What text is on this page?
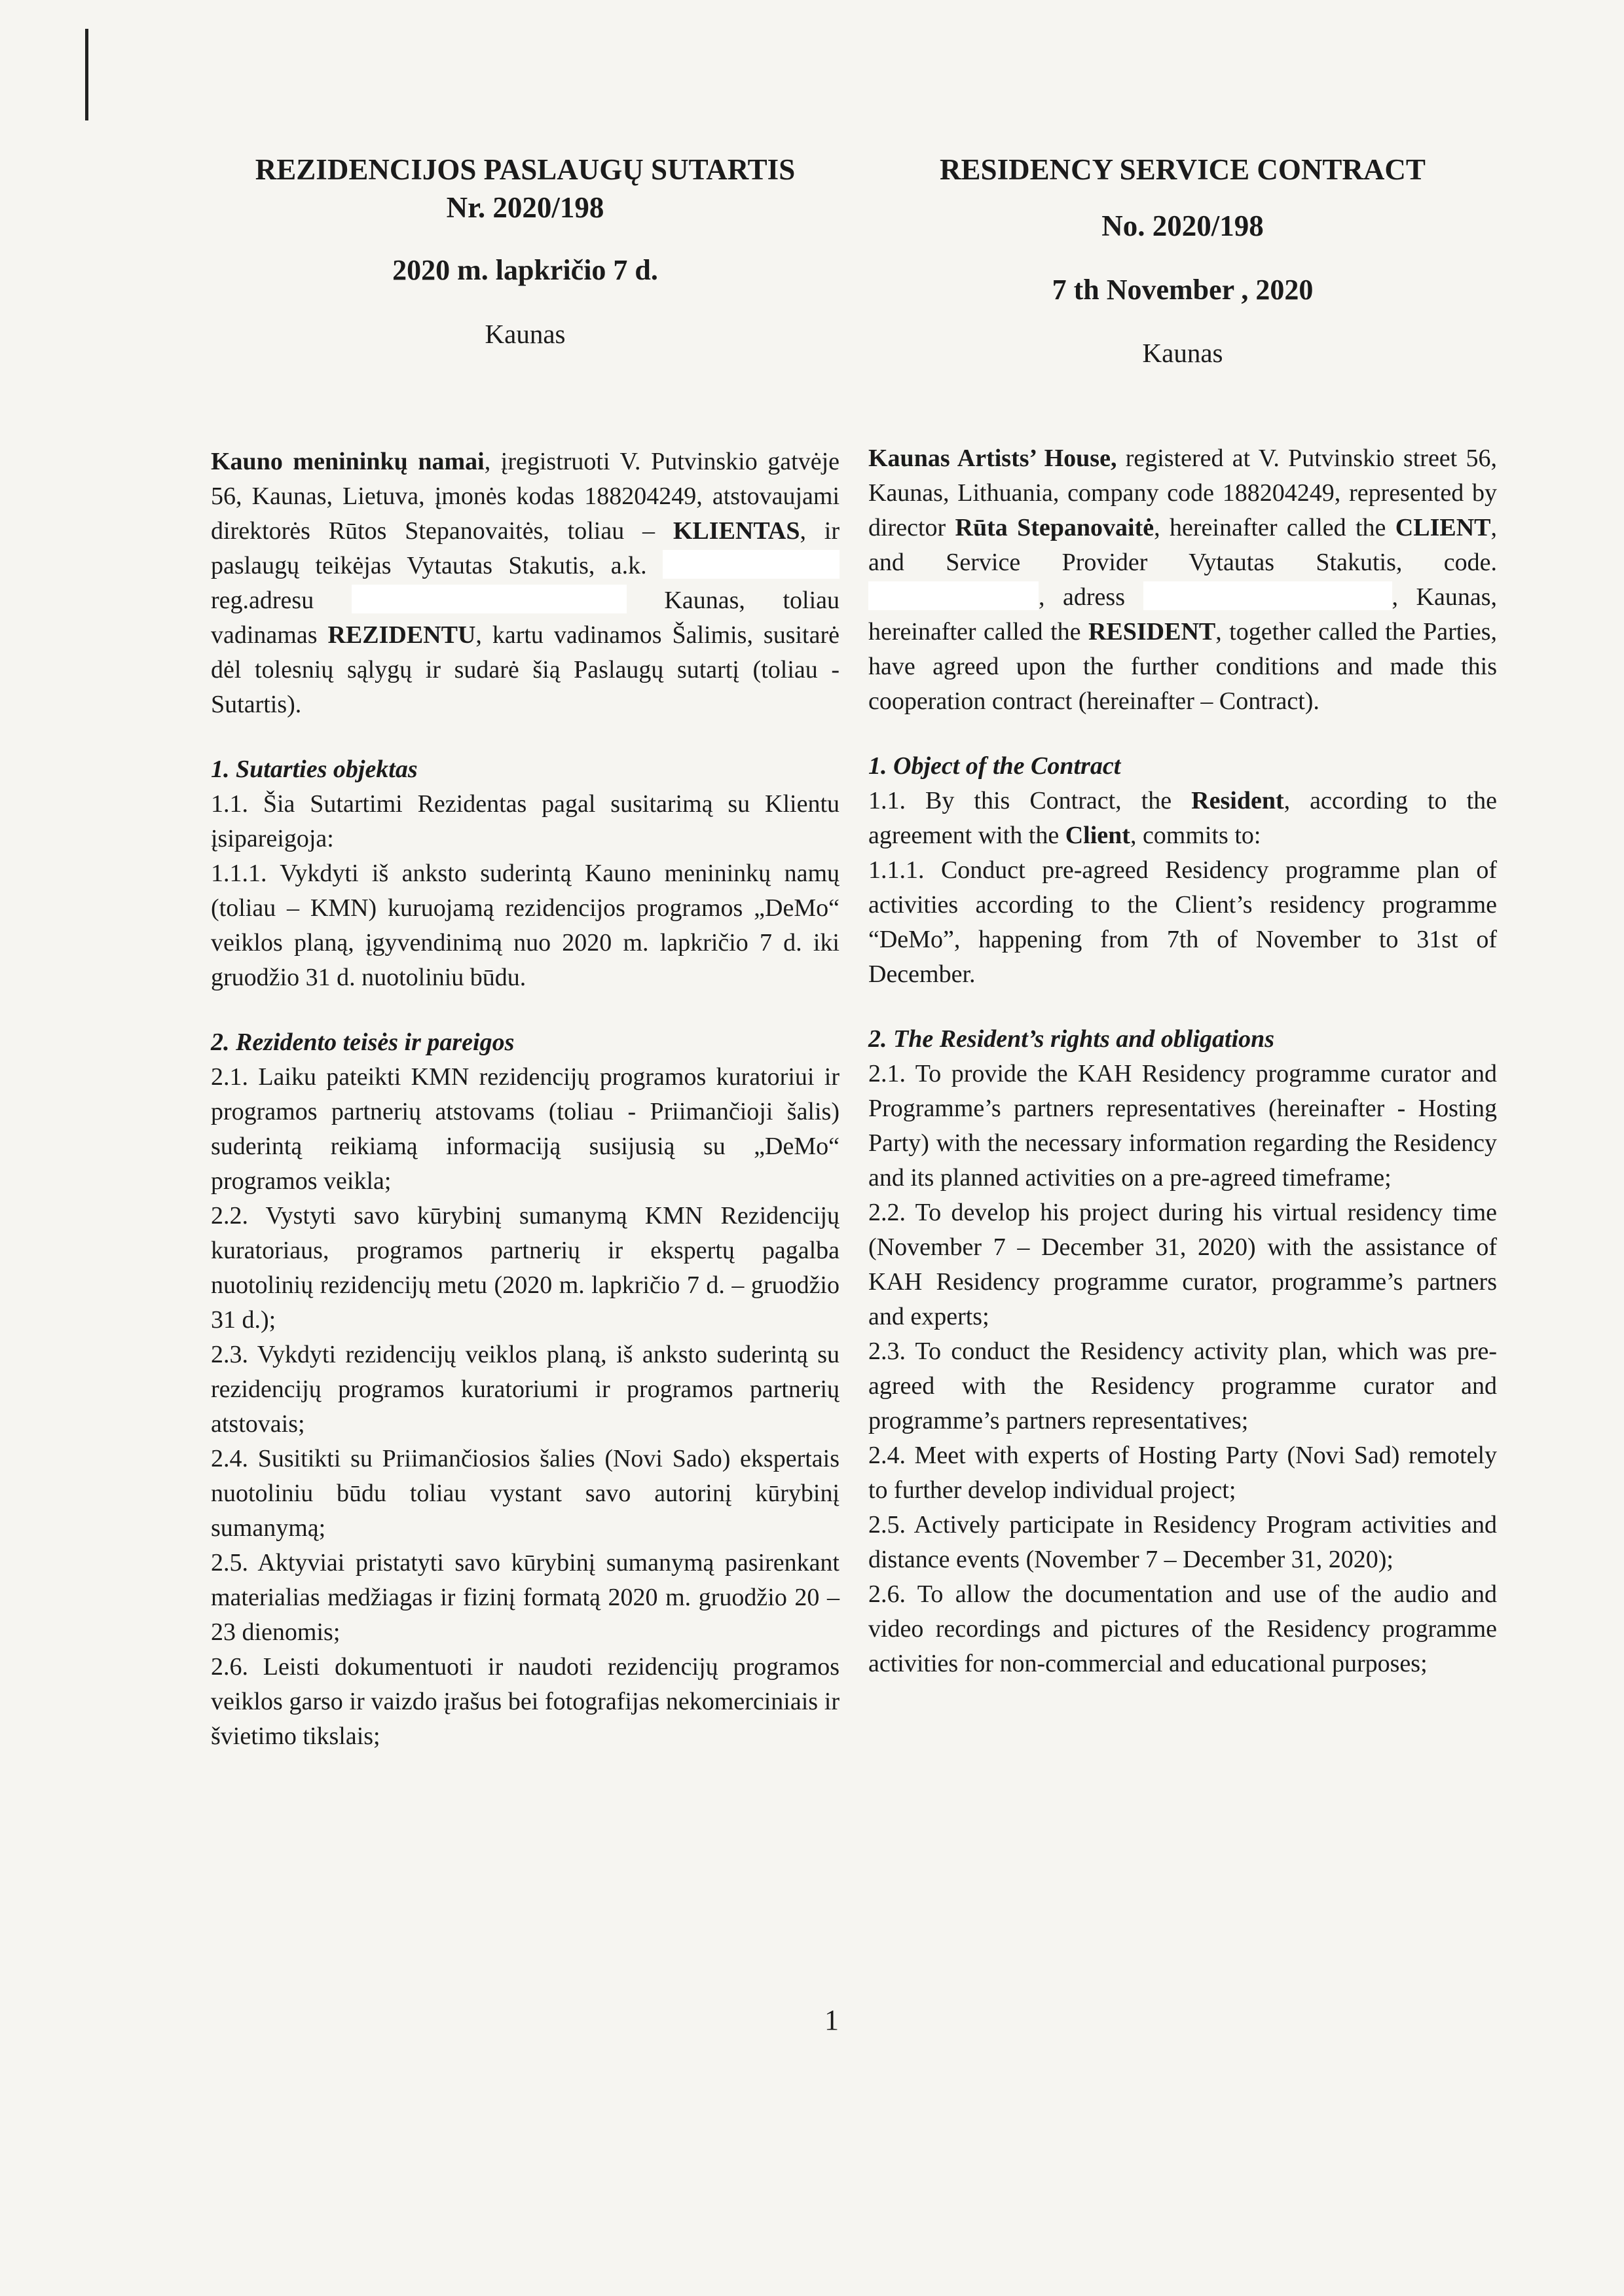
REZIDENCIJOS PASLAUGŲ SUTARTIS
Nr. 2020/198
2020 m. lapkričio 7 d.
Kaunas

Kauno menininkų namai, įregistruoti V. Putvinskio gatvėje 56, Kaunas, Lietuva, įmonės kodas 188204249, atstovaujami direktorės Rūtos Stepanovaitės, toliau – KLIENTAS, ir paslaugų teikėjas Vytautas Stakutis, a.k.  reg.adresu	Kaunas, toliau vadinamas REZIDENTU, kartu vadinamos Šalimis, susitarė dėl tolesnių sąlygų ir sudarė šią Paslaugų sutartį (toliau - Sutartis).

1. Sutarties objektas

1.1. Šia Sutartimi Rezidentas pagal susitarimą su Klientu įsipareigoja:

1.1.1. Vykdyti iš anksto suderintą Kauno menininkų namų (toliau – KMN) kuruojamą rezidencijos programos „DeMo“ veiklos planą, įgyvendinimą nuo 2020 m. lapkričio 7 d. iki gruodžio 31 d. nuotoliniu būdu.

2. Rezidento teisės ir pareigos

2.1. Laiku pateikti KMN rezidencijų programos kuratoriui ir programos partnerių atstovams (toliau - Priimančioji šalis) suderintą reikiamą informaciją susijusią su „DeMo“ programos veikla;

2.2. Vystyti savo kūrybinį sumanymą KMN Rezidencijų kuratoriaus, programos partnerių ir ekspertų pagalba nuotolinių rezidencijų metu (2020 m. lapkričio 7 d. – gruodžio 31 d.);

2.3. Vykdyti rezidencijų veiklos planą, iš anksto suderintą su rezidencijų programos kuratoriumi ir programos partnerių atstovais;

2.4. Susitikti su Priimančiosios šalies (Novi Sado) ekspertais nuotoliniu būdu toliau vystant savo autorinį kūrybinį sumanymą;

2.5. Aktyviai pristatyti savo kūrybinį sumanymą pasirenkant materialias medžiagas ir fizinį formatą 2020 m. gruodžio 20 – 23 dienomis;

2.6. Leisti dokumentuoti ir naudoti rezidencijų programos veiklos garso ir vaizdo įrašus bei fotografijas nekomerciniais ir švietimo tikslais;

RESIDENCY SERVICE CONTRACT
No. 2020/198
7 th November , 2020
Kaunas

Kaunas Artists’ House, registered at V. Putvinskio street 56, Kaunas, Lithuania, company code 188204249, represented by director Rūta Stepanovaitė, hereinafter called the CLIENT, and Service Provider Vytautas Stakutis, code. , adress	, Kaunas, hereinafter called the RESIDENT, together called the Parties, have agreed upon the further conditions and made this cooperation contract (hereinafter – Contract).

1. Object of the Contract

1.1. By this Contract, the Resident, according to the agreement with the Client, commits to:

1.1.1. Conduct pre-agreed Residency programme plan of activities according to the Client’s residency programme “DeMo”, happening from 7th of November to 31st of December.

2. The Resident’s rights and obligations

2.1. To provide the KAH Residency programme curator and Programme’s partners representatives (hereinafter - Hosting Party) with the necessary information regarding the Residency and its planned activities on a pre-agreed timeframe;

2.2. To develop his project during his virtual residency time (November 7 – December 31, 2020) with the assistance of KAH Residency programme curator, programme’s partners and experts;

2.3. To conduct the Residency activity plan, which was pre-agreed with the Residency programme curator and programme’s partners representatives;

2.4. Meet with experts of Hosting Party (Novi Sad) remotely to further develop individual project;

2.5. Actively participate in Residency Program activities and distance events (November 7 – December 31, 2020);

2.6. To allow the documentation and use of the audio and video recordings and pictures of the Residency programme activities for non-commercial and educational purposes;

1
